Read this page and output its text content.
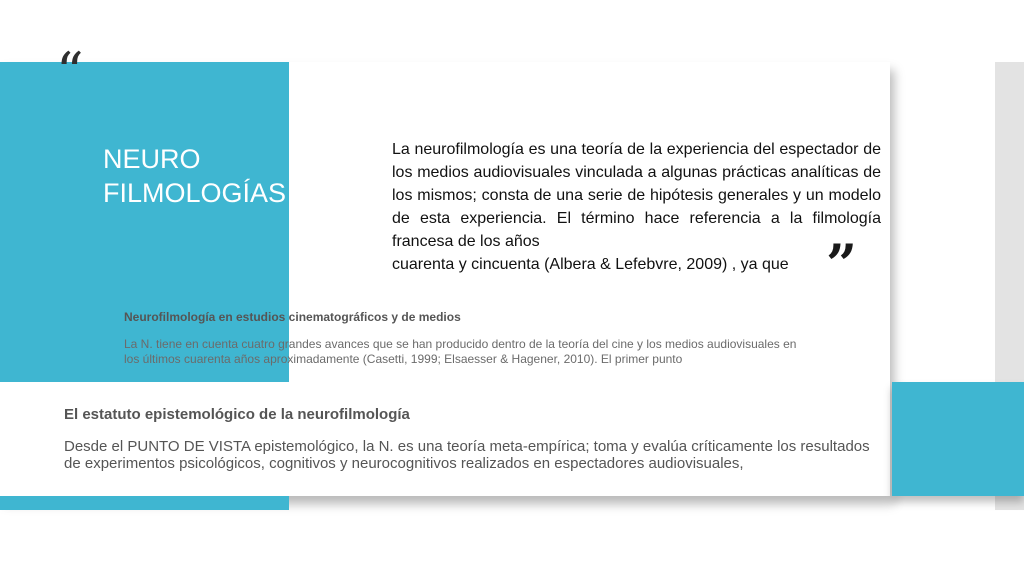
“
NEURO
FILMOLOGÍAS
La neurofilmología es una teoría de la experiencia del espectador de los medios audiovisuales vinculada a algunas prácticas analíticas de los mismos; consta de una serie de hipótesis generales y un modelo de esta experiencia. El término hace referencia a la filmología francesa de los años
cuarenta y cincuenta (Albera & Lefebvre, 2009) , ya que ”
Neurofilmología en estudios cinematográficos y de medios
La N. tiene en cuenta cuatro grandes avances que se han producido dentro de la teoría del cine y los medios audiovisuales en los últimos cuarenta años aproximadamente (Casetti, 1999; Elsaesser & Hagener, 2010). El primer punto
El estatuto epistemológico de la neurofilmología
Desde el PUNTO DE VISTA epistemológico, la N. es una teoría meta-empírica; toma y evalúa críticamente los resultados de experimentos psicológicos, cognitivos y neurocognitivos realizados en espectadores audiovisuales,
